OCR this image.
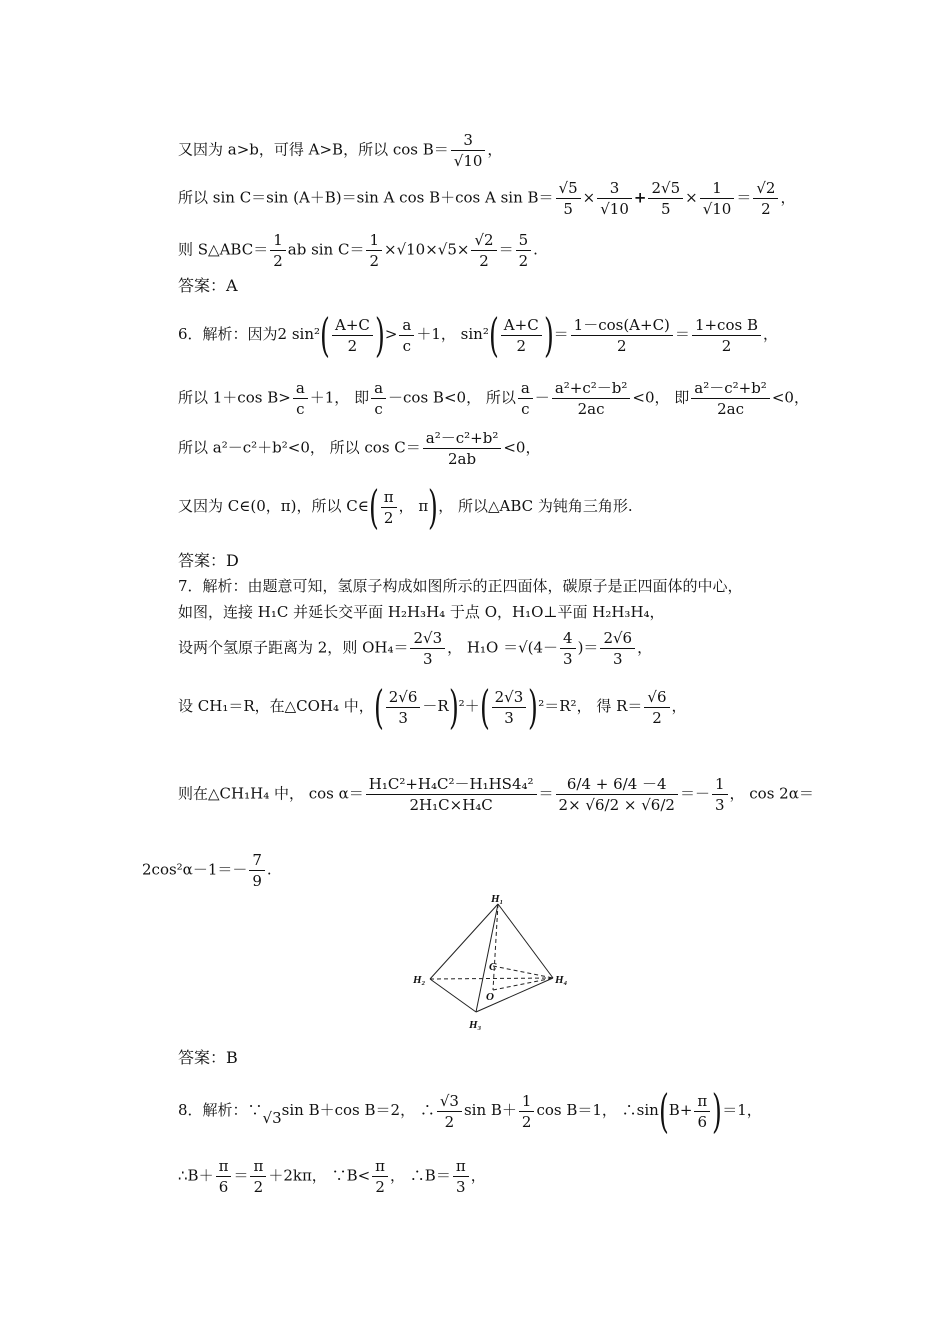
又因为 a>b，可得 A>B，所以 $\cos B= \frac{3}{√10}$ ，
所以 sin C＝sin (A＋B)＝sin A cos B＋cos A $\sin B= \frac{√5}{5} \times \frac{3}{√10} + \frac{2√5}{5} \times \frac{1}{√10} = \frac{√2}{2}$ ，
则 S△ABC＝ $\frac{1}{2}$ ab $\sin C= \frac{1}{2} \times√10\times√5\times \frac{√2}{2} = \frac{5}{2}$ .
答案：A
6．解析：因为2 $\sin^2( \frac{A+C}{2}$ )> $\frac{a}{c} +1$， $\sin^2( \frac{A+C}{2}$ )＝ $\frac{1-\cos(A+C)}{2} = \frac{\text{1+cos B}}{2}$ ，
所以 1＋cos $B> \frac{a}{c} +1$， 即 $\frac{a}{c} -\cos$ B<0， 所以 $\frac{a}{c} - \frac{\text{a²+c²－b²}}{2ac} <0$， 即 $\frac{\text{a²－c²+b²}}{2ac} <0$，
所以 a²－c²＋b²<0， 所以 $\cos C= \frac{\text{a²－c²+b²}}{2ab} <0$，
又因为 C∈(0，π)，所以 C∈( $\frac{\pi}{2}$ ， π)， 所以△ABC 为钝角三角形.
答案：D
7．解析：由题意可知，氢原子构成如图所示的正四面体，碳原子是正四面体的中心，
如图，连接 H₁C 并延长交平面 H₂H₃H₄ 于点 O，H₁O⊥平面 H₂H₃H₄，
设两个氢原子距离为 2，则 $OH_4= \frac{2√3}{3}$ ， $H_1O =√(4- \frac{4}{3}$ )＝ $\frac{2√6}{3}$ ，
设 CH₁＝R，在△COH₄ 中，( $\frac{2√6}{3} -R)^2+( \frac{2√3}{3} )^2=R^2$， 得 $R= \frac{√6}{2}$ ，
则在△CH₁H₄ 中， $\cos \alpha= \frac{\text{H₁C²+H₄C²－H₁HS4₄²}}{\text{2H₁C×H₄C}} = \frac{6/4 + 6/4 -4}{2\times √6/2 \times √6/2} =- \frac{1}{3}$ ， cos 2α＝
$2\cos^2\alpha-1=- \frac{7}{9}$ .
H₁
H₂
H₃
H₄
C
O
答案：B
8．解析：∵√3sin B＋cos B＝2， ∴ $\frac{√3}{2}$ $\sin B+ \frac{1}{2}$ cos B＝1， ∴sin(B+ $\frac{\pi}{6} )=1$，
∴B＋ $\frac{\pi}{6} = \frac{\pi}{2} +2k\pi$， ∵B< $\frac{\pi}{2}$ ， ∴B＝ $\frac{\pi}{3}$ ，
